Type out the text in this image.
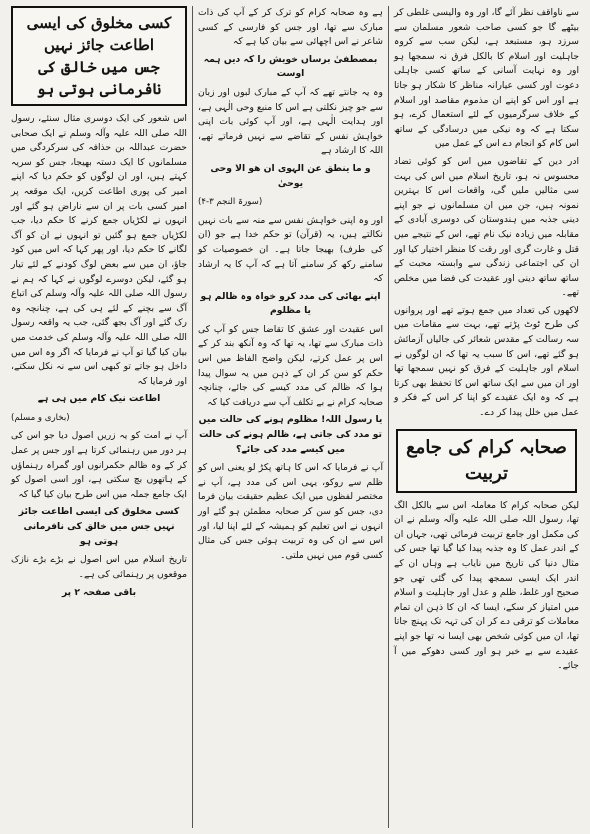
سے ناواقف نظر آئے گا، اور وہ والیسی غلطی کر بیٹھے گا جو کسی صاحب شعور مسلمان سے سرزد ہو، مستبعد ہے، لیکن سب سے کروہ جاہلیت اور اسلام کا بالکل فرق نہ سمجھا ہو اور وہ نہایت آسانی کے ساتھ کسی جاہلی دعوت اور کسی عیارانہ مناظر کا شکار ہو جاتا ہے اور اس کو اپنے ان مذموم مقاصد اور اسلام کے خلاف سرگرمیوں کے لئے استعمال کرے، ہو سکتا ہے کہ وہ نیکی میں درسادگی کے ساتھ اس کام کو انجام دے اس کے عمل میں

ادر دین کے تقاضوں میں اس کو کوئی تضاد محسوس نہ ہو، تاریخ اسلام میں اس کی بہت سی مثالیں ملیں گی، واقعات اس کا بہترین نمونہ ہیں، جن میں ان مسلمانوں نے جو اپنے دینی جذبہ میں ہندوستان کی دوسری آبادی کے مقابلہ میں زیادہ نیک نام تھے، اس کے نتیجے میں قتل و غارت گری اور رقت کا منظر اختیار کیا اور ان کی اجتماعی زندگی سے وابستہ محبت کے ساتھ ساتھ دینی اور عقیدت کی فضا میں مخلص تھے۔

لاکھوں کی تعداد میں جمع ہوتے تھے اور پروانوں کی طرح ٹوٹ پڑتے تھے، بہت سے مقامات میں سہ رسالت کے مقدس شعائر کی جالیاں آزمائش ہو گئے تھے، اس کا سبب یہ تھا کہ ان لوگوں نے اسلام اور جاہلیت کے فرق کو نہیں سمجھا تھا اور ان میں سے ایک ساتھ اس کا تحفظ بھی کرتا ہے کہ وہ ایک عقیدے کو اپنا کر اس کے فکر و عمل میں خلل پیدا کر دے۔

صحابہ کرام کی جامع تربیت

لیکن صحابہ کرام کا معاملہ اس سے بالکل الگ تھا، رسول اللہ صلی اللہ علیہ وآلہ وسلم نے ان کی مکمل اور جامع تربیت فرمائی تھی، جہاں ان کے اندر عمل کا وہ جذبہ پیدا کیا گیا تھا جس کی مثال دنیا کی تاریخ میں نایاب ہے وہاں ان کے اندر ایک ایسی سمجھ پیدا کی گئی تھی جو صحیح اور غلط، ظلم و عدل اور جاہلیت و اسلام میں امتیاز کر سکے، ایسا کہ ان کا ذہن ان تمام معاملات کو ترقی دے کر ان کی تہہ تک پہنچ جاتا تھا، ان میں کوئی شخص بھی ایسا نہ تھا جو اپنے عقیدے سے بے خبر ہو اور کسی دھوکے میں آ جائے۔

ہے وہ صحابہ کرام کو ترک کر کے آپ کی ذات مبارک سے تھا، اور جس کو فارسی کے کسی شاعر نے اس اچھائی سے بیان کیا ہے کہ

بمصطفیٰ برساں خویش را کہ دیں ہمہ اوست

وہ یہ جانتے تھے کہ آپ کے مبارک لبوں اور زبان سے جو چیز نکلتی ہے اس کا منبع وحی الٰہی ہے، اور ہدایت الٰہی ہے، اور آپ کوئی بات اپنی خواہش نفس کے تقاضے سے نہیں فرماتے تھے، اللہ کا ارشاد ہے

و ما ینطق عن الہوی ان ھو الا وحی یوحیٰ
(سورۃ النجم ۳-۴)

اور وہ اپنی خواہش نفس سے منہ سے بات نہیں نکالتے ہیں، یہ (قرآن) تو حکم خدا ہے جو (ان کی طرف) بھیجا جاتا ہے۔ ان خصوصیات کو سامنے رکھ کر سامنے آتا ہے کہ آپ کا یہ ارشاد کہ

اپنے بھائی کی مدد کرو خواہ وہ ظالم ہو یا مظلوم

اس عقیدت اور عشق کا تقاضا جس کو آپ کی ذات مبارک سے تھا، یہ تھا کہ وہ آنکھ بند کر کے اس پر عمل کرتے، لیکن واضح الفاظ میں اس حکم کو سن کر ان کے ذہن میں یہ سوال پیدا ہوا کہ ظالم کی مدد کیسے کی جائے، چنانچہ صحابہ کرام نے بے تکلف آپ سے دریافت کیا کہ

یا رسول اللہ! مظلوم ہونے کی حالت میں تو مدد کی جاتی ہے، ظالم ہونے کی حالت میں کیسے مدد کی جائے؟

آپ نے فرمایا کہ اس کا ہاتھ پکڑ لو یعنی اس کو ظلم سے روکو، یہی اس کی مدد ہے، آپ نے مختصر لفظوں میں ایک عظیم حقیقت بیان فرما دی، جس کو سن کر صحابہ مطمئن ہو گئے اور انہوں نے اس تعلیم کو ہمیشہ کے لئے اپنا لیا، اور اس سے ان کی وہ تربیت ہوئی جس کی مثال کسی قوم میں نہیں ملتی۔

کسی مخلوق کی ایسی اطاعت جائز نہیں
جس میں خالق کی نافرمانی ہوتی ہو

اس شعور کی ایک دوسری مثال سنئے، رسول اللہ صلی اللہ علیہ وآلہ وسلم نے ایک صحابی حضرت عبداللہ بن حذافہ کی سرکردگی میں مسلمانوں کا ایک دستہ بھیجا، جس کو سریہ کہتے ہیں، اور ان لوگوں کو حکم دیا کہ اپنے امیر کی پوری اطاعت کریں، ایک موقعہ پر امیر کسی بات پر ان سے ناراض ہو گئے اور انہوں نے لکڑیاں جمع کرنے کا حکم دیا، جب لکڑیاں جمع ہو گئیں تو انہوں نے ان کو آگ لگانے کا حکم دیا، اور پھر کہا کہ اس میں کود جاؤ، ان میں سے بعض لوگ کودنے کے لئے تیار ہو گئے، لیکن دوسرے لوگوں نے کہا کہ ہم نے رسول اللہ صلی اللہ علیہ وآلہ وسلم کی اتباع آگ سے بچنے کے لئے ہی کی ہے، چنانچہ وہ رک گئے اور آگ بجھ گئی، جب یہ واقعہ رسول اللہ صلی اللہ علیہ وآلہ وسلم کی خدمت میں بیان کیا گیا تو آپ نے فرمایا کہ اگر وہ اس میں داخل ہو جاتے تو کبھی اس سے نہ نکل سکتے، اور فرمایا کہ

اطاعت نیک کام میں ہی ہے
(بخاری و مسلم)

آپ نے امت کو یہ زریں اصول دیا جو اس کی ہر دور میں رہنمائی کرتا ہے اور جس پر عمل کر کے وہ ظالم حکمرانوں اور گمراہ رہنماؤں کے ہاتھوں بچ سکتی ہے، اور اسی اصول کو ایک جامع جملہ میں اس طرح بیان کیا گیا کہ

کسی مخلوق کی ایسی اطاعت جائز نہیں جس میں خالق کی نافرمانی ہوتی ہو

تاریخ اسلام میں اس اصول نے بڑے بڑے نازک موقعوں پر رہنمائی کی ہے۔

باقی صفحہ ۲ پر
